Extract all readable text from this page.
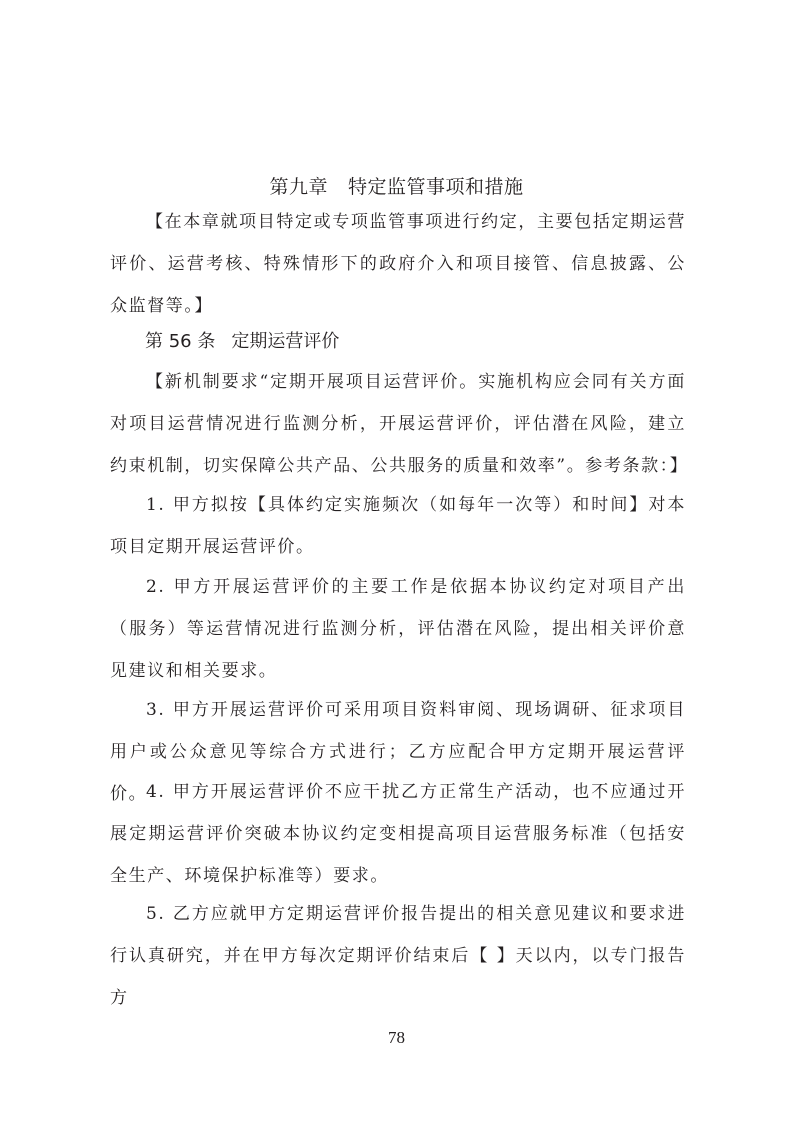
第九章 特定监管事项和措施

【在本章就项目特定或专项监管事项进行约定，主要包括定期运营评价、运营考核、特殊情形下的政府介入和项目接管、信息披露、公众监督等。】

第 56 条 定期运营评价

【新机制要求“定期开展项目运营评价。实施机构应会同有关方面对项目运营情况进行监测分析，开展运营评价，评估潜在风险，建立约束机制，切实保障公共产品、公共服务的质量和效率”。参考条款：】

1. 甲方拟按【具体约定实施频次（如每年一次等）和时间】对本项目定期开展运营评价。

2. 甲方开展运营评价的主要工作是依据本协议约定对项目产出（服务）等运营情况进行监测分析，评估潜在风险，提出相关评价意见建议和相关要求。

3. 甲方开展运营评价可采用项目资料审阅、现场调研、征求项目用户或公众意见等综合方式进行；乙方应配合甲方定期开展运营评价。

4. 甲方开展运营评价不应干扰乙方正常生产活动，也不应通过开展定期运营评价突破本协议约定变相提高项目运营服务标准（包括安全生产、环境保护标准等）要求。

5. 乙方应就甲方定期运营评价报告提出的相关意见建议和要求进行认真研究，并在甲方每次定期评价结束后【 】天以内，以专门报告方

78
